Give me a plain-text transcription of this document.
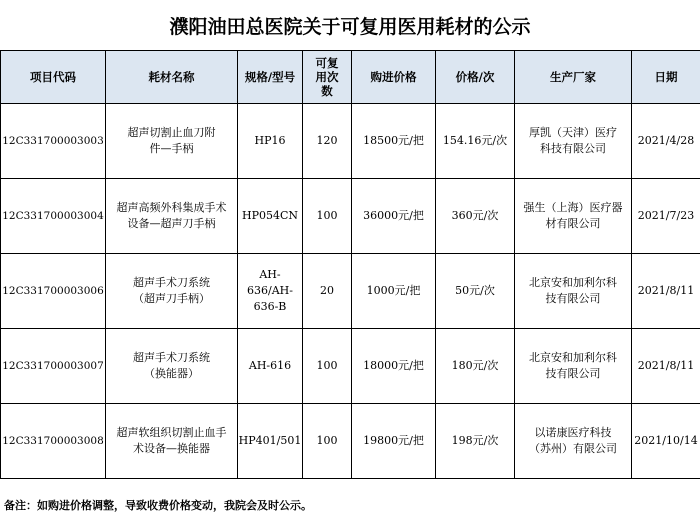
濮阳油田总医院关于可复用医用耗材的公示
项目代码	耗材名称	规格/型号	可复用次数	购进价格	价格/次	生产厂家	日期
12C331700003003	超声切割止血刀附件—手柄	HP16	120	18500元/把	154.16元/次	厚凯（天津）医疗科技有限公司	2021/4/28
12C331700003004	超声高频外科集成手术设备—超声刀手柄	HP054CN	100	36000元/把	360元/次	强生（上海）医疗器材有限公司	2021/7/23
12C331700003006	超声手术刀系统（超声刀手柄）	AH-636/AH-636-B	20	1000元/把	50元/次	北京安和加利尔科技有限公司	2021/8/11
12C331700003007	超声手术刀系统（换能器）	AH-616	100	18000元/把	180元/次	北京安和加利尔科技有限公司	2021/8/11
12C331700003008	超声软组织切割止血手术设备—换能器	HP401/501	100	19800元/把	198元/次	以诺康医疗科技（苏州）有限公司	2021/10/14
备注：如购进价格调整，导致收费价格变动，我院会及时公示。
